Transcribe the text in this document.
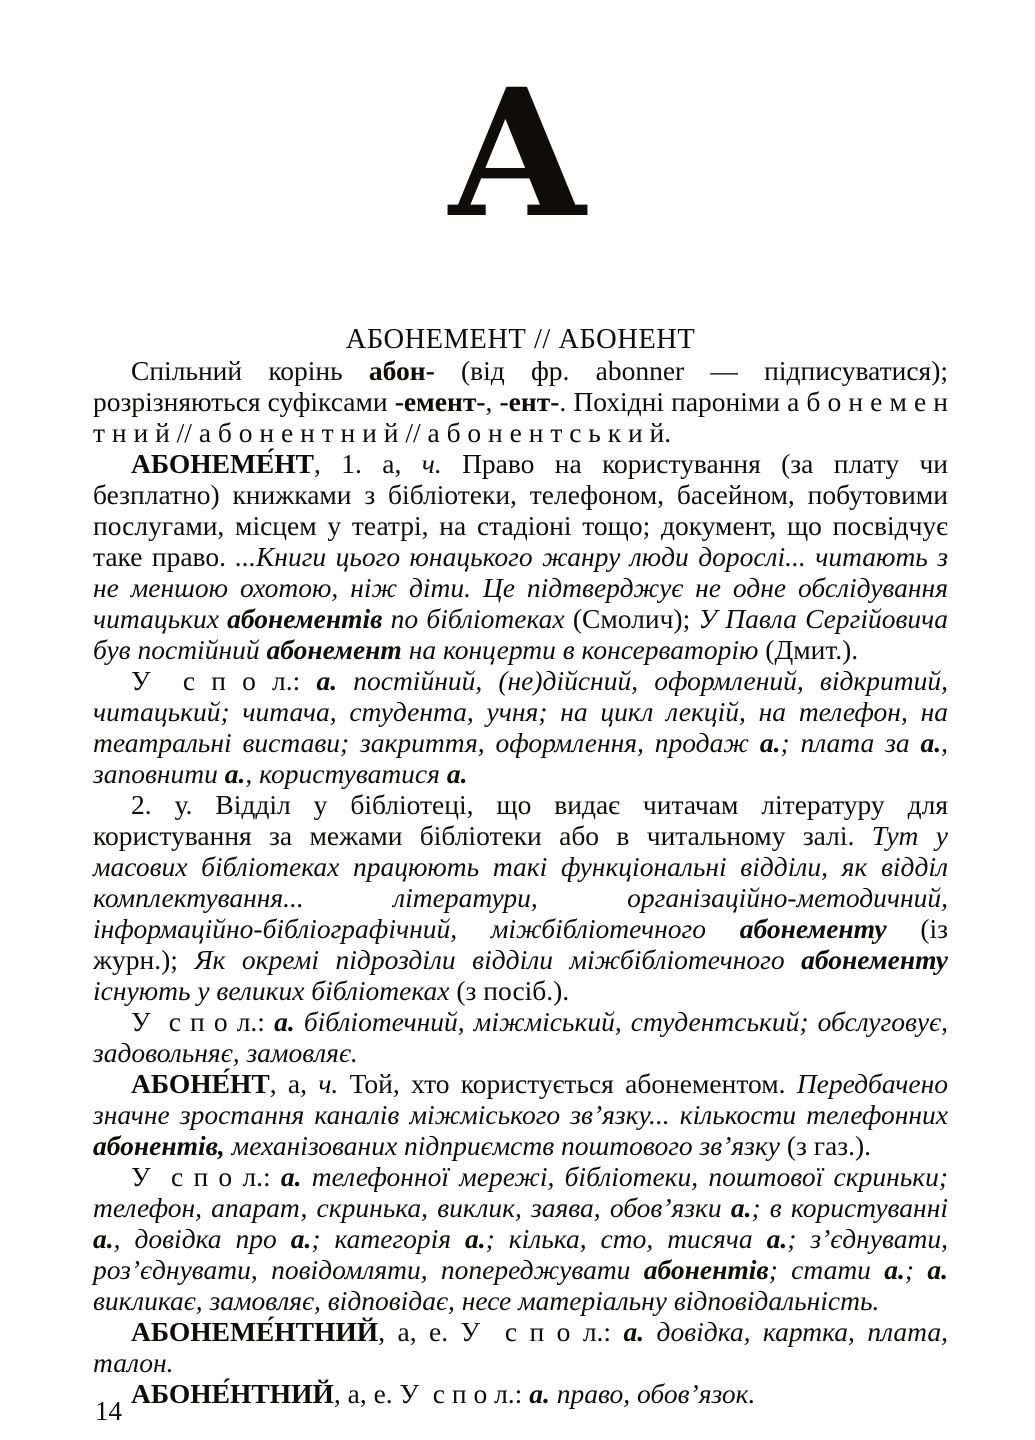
А
АБОНЕМЕНТ // АБОНЕНТ

Спільний корінь абон- (від фр. abonner — підписуватися); розрізняються суфіксами -емент-, -ент-. Похідні пароніми а б о н е м е н т н и й // а б о н е н т н и й // а б о н е н т с ь к и й.

АБОНЕМЕ́НТ, 1. а, ч. Право на користування (за плату чи безплатно) книжками з бібліотеки, телефоном, басейном, побутовими послугами, місцем у театрі, на стадіоні тощо; документ, що посвідчує таке право. ...Книги цього юнацького жанру люди дорослі... читають з не меншою охотою, ніж діти. Це підтверджує не одне обслідування читацьких абонементів по бібліотеках (Смолич); У Павла Сергійовича був постійний абонемент на концерти в консерваторію (Дмит.).

У  с п о л.: а. постійний, (не)дійсний, оформлений, відкритий, читацький; читача, студента, учня; на цикл лекцій, на телефон, на театральні вистави; закриття, оформлення, продаж а.; плата за а., заповнити а., користуватися а.

2. у. Відділ у бібліотеці, що видає читачам літературу для користування за межами бібліотеки або в читальному залі. Тут у масових бібліотеках працюють такі функціональні відділи, як відділ комплектування... літератури, організаційно-методичний, інформаційно-бібліографічний, міжбібліотечного абонементу (із журн.); Як окремі підрозділи відділи міжбібліотечного абонементу існують у великих бібліотеках (з посіб.).

У  с п о л.: а. бібліотечний, міжміський, студентський; обслуговує, задовольняє, замовляє.

АБОНЕ́НТ, а, ч. Той, хто користується абонементом. Передбачено значне зростання каналів міжміського зв’язку... кількости телефонних абонентів, механізованих підприємств поштового зв’язку (з газ.).

У  с п о л.: а. телефонної мережі, бібліотеки, поштової скриньки; телефон, апарат, скринька, виклик, заява, обов’язки а.; в користуванні а., довідка про а.; категорія а.; кілька, сто, тисяча а.; з’єднувати, роз’єднувати, повідомляти, попереджувати абонентів; стати а.; а. викликає, замовляє, відповідає, несе матеріальну відповідальність.

АБОНЕМЕ́НТНИЙ, а, е. У  с п о л.: а. довідка, картка, плата, талон.

АБОНЕ́НТНИЙ, а, е. У  с п о л.: а. право, обов’язок.

14
